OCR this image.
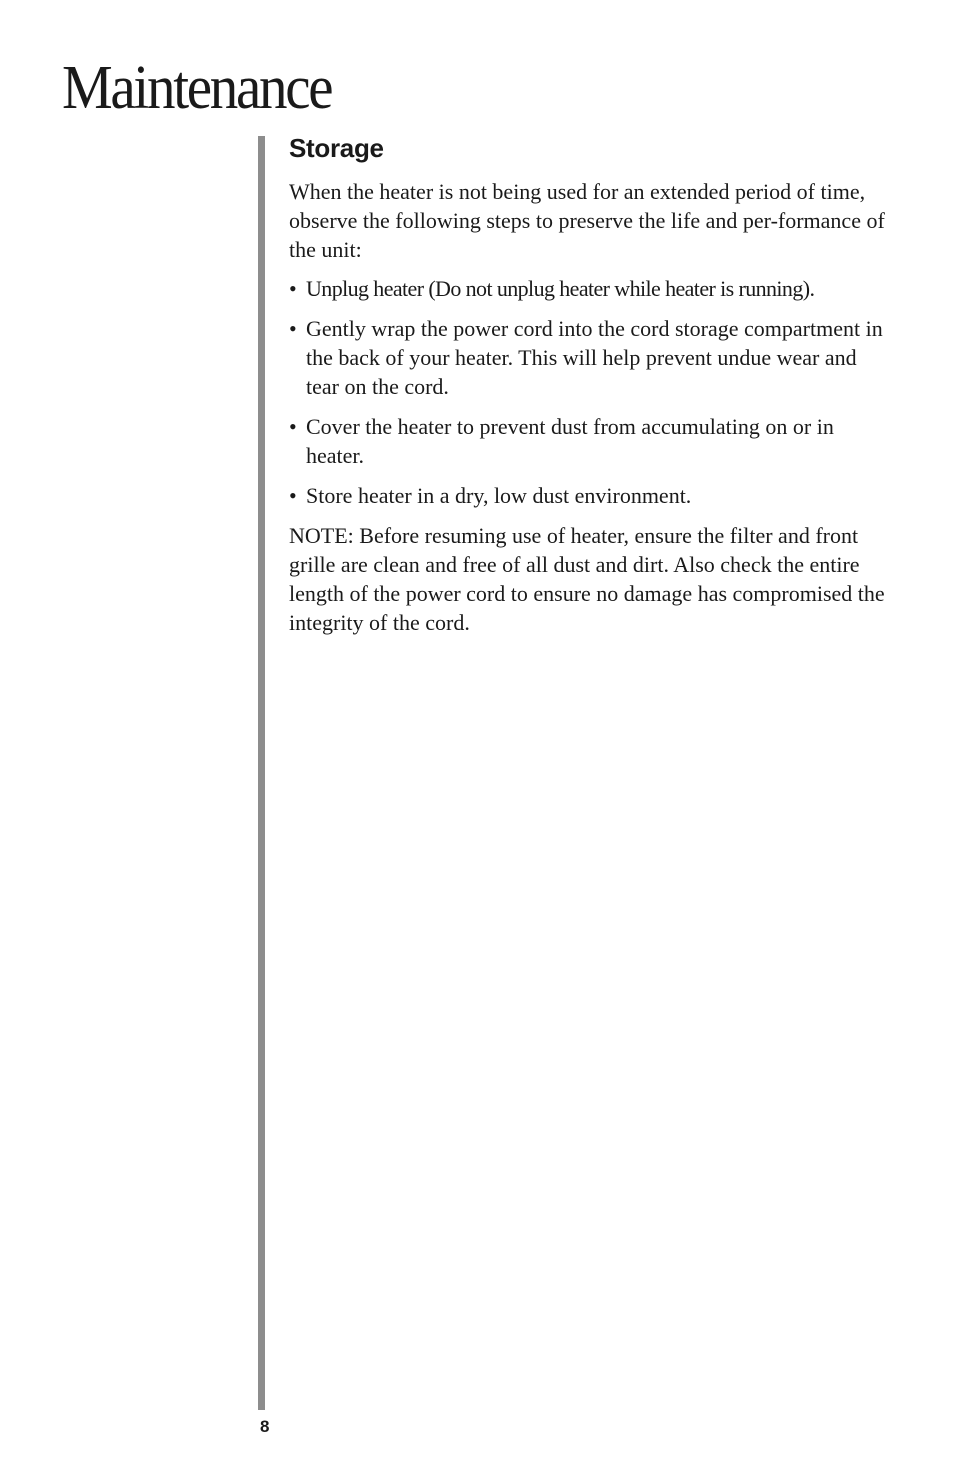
Maintenance
Storage

When the heater is not being used for an extended period of time, observe the following steps to preserve the life and per-formance of the unit:

• Unplug heater (Do not unplug heater while heater is running).
• Gently wrap the power cord into the cord storage compartment in the back of your heater. This will help prevent undue wear and tear on the cord.
• Cover the heater to prevent dust from accumulating on or in heater.
• Store heater in a dry, low dust environment.

NOTE: Before resuming use of heater, ensure the filter and front grille are clean and free of all dust and dirt. Also check the entire length of the power cord to ensure no damage has compromised the integrity of the cord.

8
